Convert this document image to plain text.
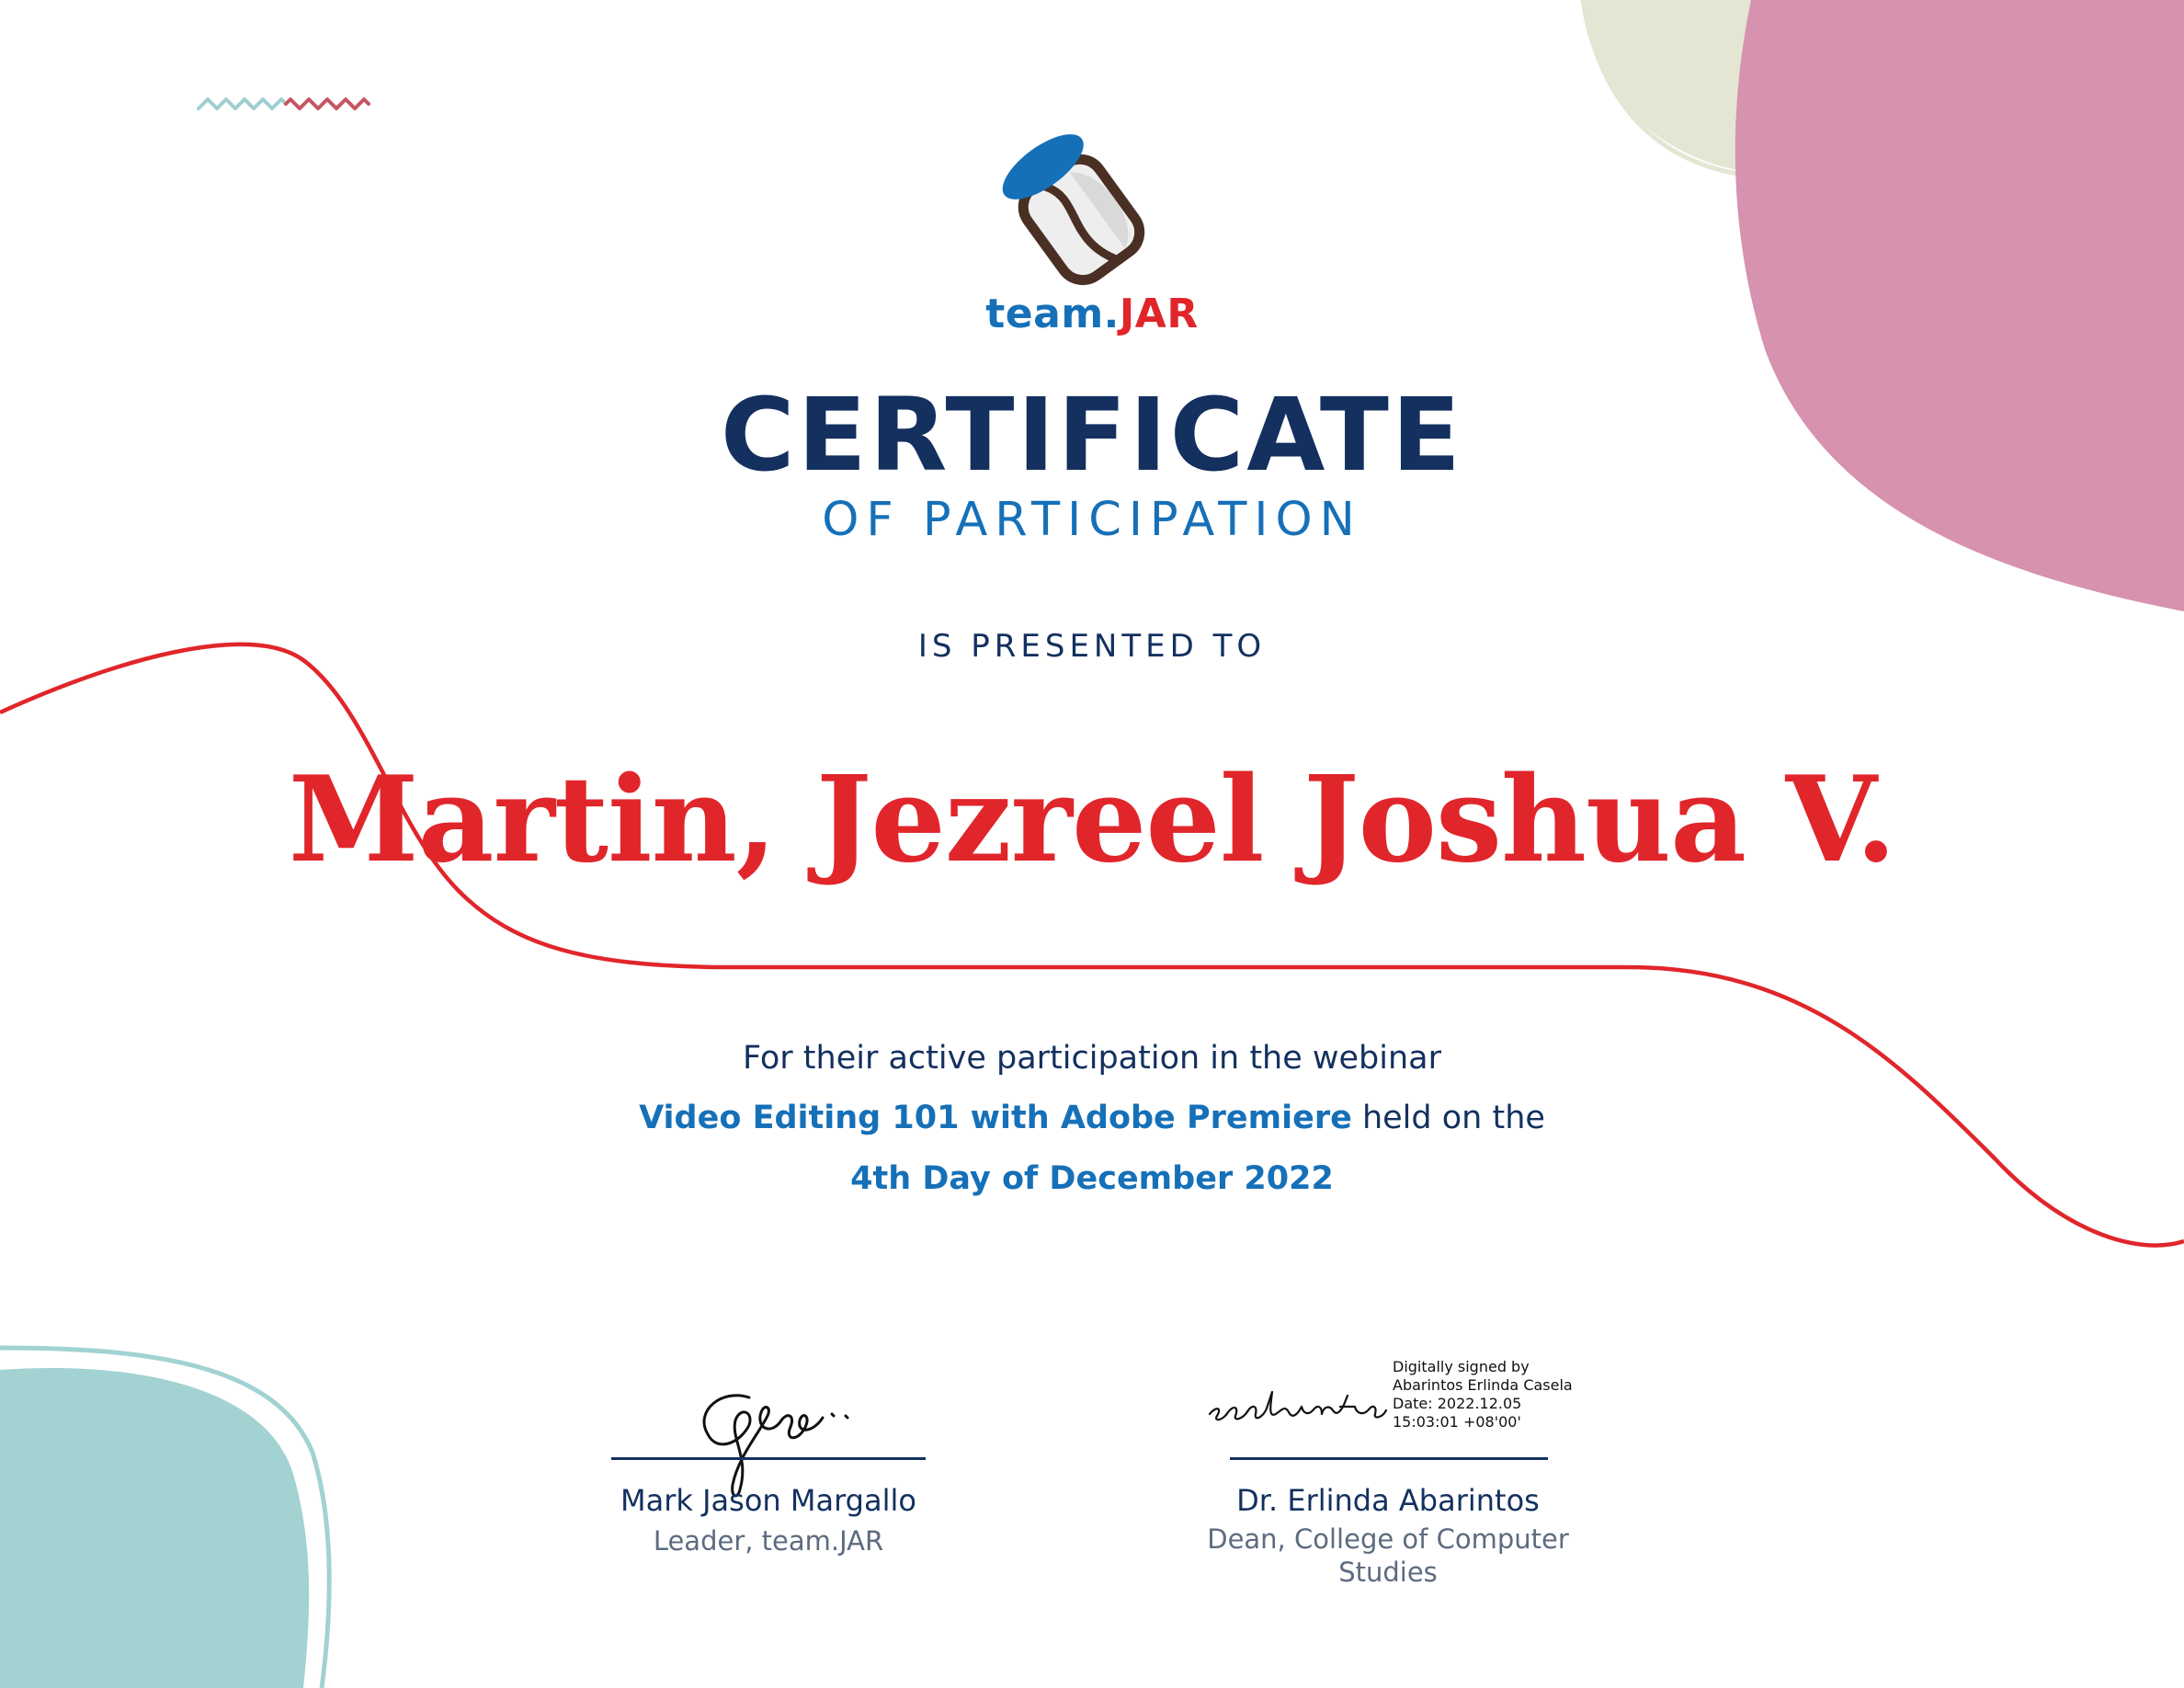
team.JAR
CERTIFICATE
OF PARTICIPATION
IS PRESENTED TO
Martin, Jezreel Joshua V.
For their active participation in the webinar
Video Editing 101 with Adobe Premiere held on the
4th Day of December 2022
Mark Jason Margallo
Leader, team.JAR
Digitally signed by
Abarintos Erlinda Casela
Date: 2022.12.05
15:03:01 +08'00'
Dr. Erlinda Abarintos
Dean, College of Computer Studies
